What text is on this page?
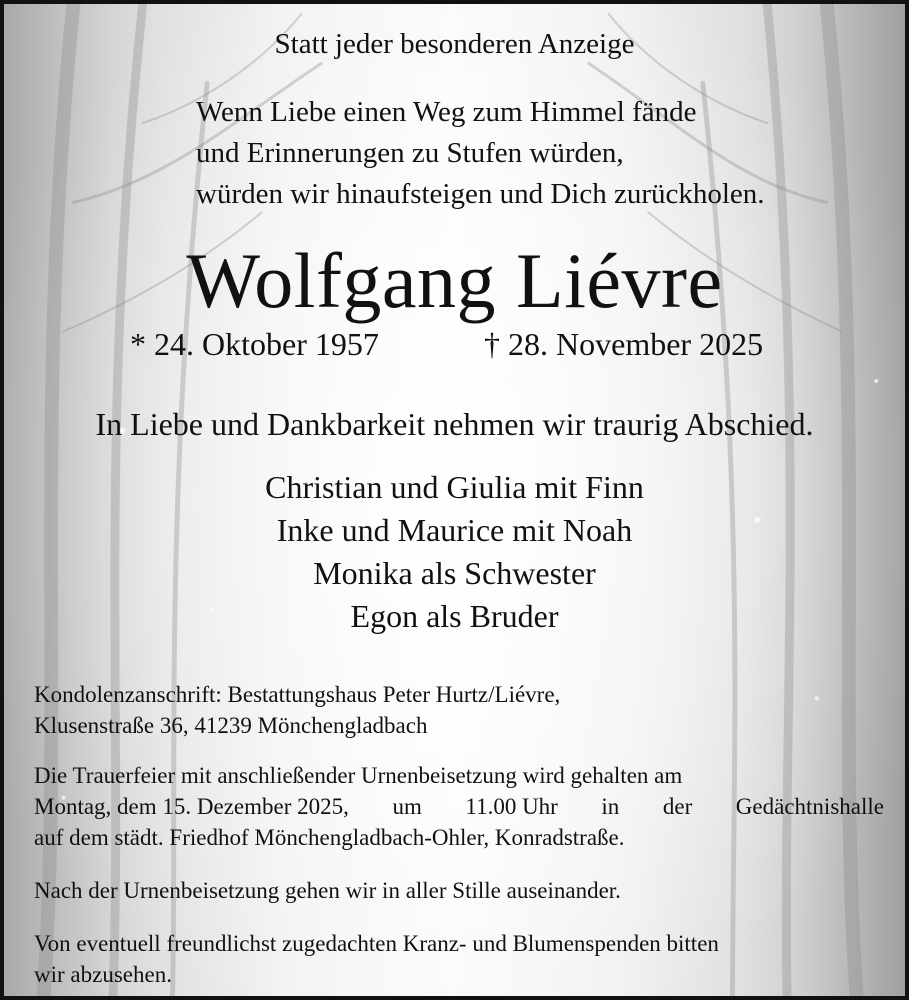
Statt jeder besonderen Anzeige
Wenn Liebe einen Weg zum Himmel fände
und Erinnerungen zu Stufen würden,
würden wir hinaufsteigen und Dich zurückholen.
Wolfgang Liévre
* 24. Oktober 1957	† 28. November 2025
In Liebe und Dankbarkeit nehmen wir traurig Abschied.
Christian und Giulia mit Finn
Inke und Maurice mit Noah
Monika als Schwester
Egon als Bruder
Kondolenzanschrift: Bestattungshaus Peter Hurtz/Liévre,
Klusenstraße 36, 41239 Mönchengladbach
Die Trauerfeier mit anschließender Urnenbeisetzung wird gehalten am
Montag, dem 15. Dezember 2025, um 11.00 Uhr in der Gedächtnishalle
auf dem städt. Friedhof Mönchengladbach-Ohler, Konradstraße.
Nach der Urnenbeisetzung gehen wir in aller Stille auseinander.
Von eventuell freundlichst zugedachten Kranz- und Blumenspenden bitten
wir abzusehen.
